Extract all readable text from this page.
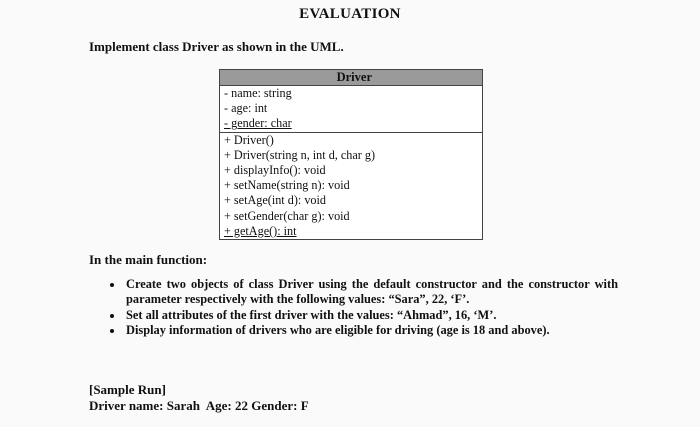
EVALUATION
Implement class Driver as shown in the UML.
Driver

- name: string
- age: int
- gender: char

+ Driver()
+ Driver(string n, int d, char g)
+ displayInfo(): void
+ setName(string n): void
+ setAge(int d): void
+ setGender(char g): void
+ getAge(): int
In the main function:
Create two objects of class Driver using the default constructor and the constructor with parameter respectively with the following values: “Sara”, 22, ‘F’.
Set all attributes of the first driver with the values: “Ahmad”, 16, ‘M’.
Display information of drivers who are eligible for driving (age is 18 and above).
[Sample Run]
Driver name: Sarah  Age: 22 Gender: F
